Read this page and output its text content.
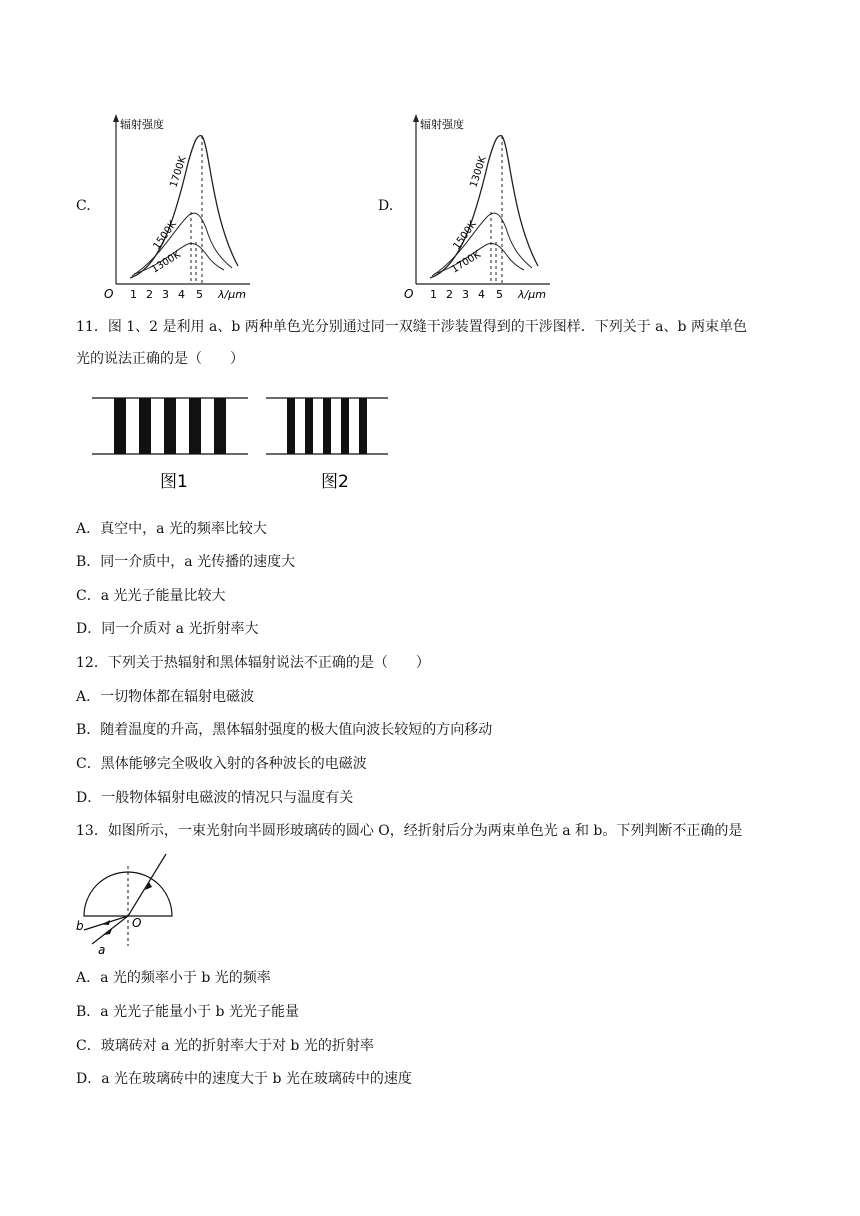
C.	D.
辐射强度
O 1 2 3 4 5 λ/μm
1700K
1500K
1300K
辐射强度
O 1 2 3 4 5 λ/μm
1300K
1500K
1700K
11．图 1、2 是利用 a、b 两种单色光分别通过同一双缝干涉装置得到的干涉图样．下列关于 a、b 两束单色
光的说法正确的是（　　）
图1	图2
A．真空中，a 光的频率比较大
B．同一介质中，a 光传播的速度大
C．a 光光子能量比较大
D．同一介质对 a 光折射率大
12．下列关于热辐射和黑体辐射说法不正确的是（　　）
A．一切物体都在辐射电磁波
B．随着温度的升高，黑体辐射强度的极大值向波长较短的方向移动
C．黑体能够完全吸收入射的各种波长的电磁波
D．一般物体辐射电磁波的情况只与温度有关
13．如图所示，一束光射向半圆形玻璃砖的圆心 O，经折射后分为两束单色光 a 和 b。下列判断不正确的是
b
a
O
A．a 光的频率小于 b 光的频率
B．a 光光子能量小于 b 光光子能量
C．玻璃砖对 a 光的折射率大于对 b 光的折射率
D．a 光在玻璃砖中的速度大于 b 光在玻璃砖中的速度
